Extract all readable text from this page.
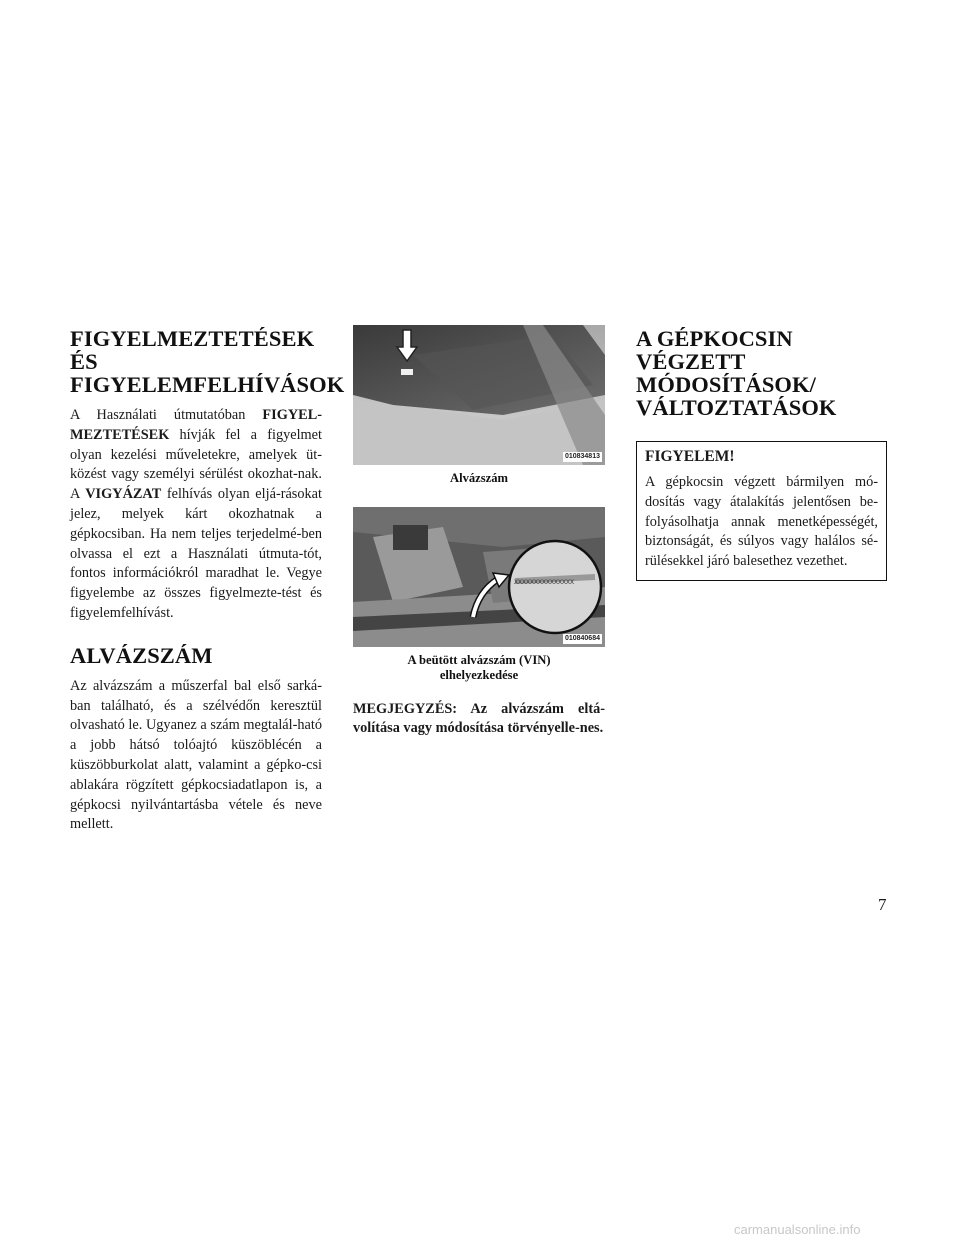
FIGYELMEZTETÉSEK
ÉS
FIGYELEMFELHÍVÁSOK

A Használati útmutatóban FIGYEL-MEZTETÉSEK hívják fel a figyelmet olyan kezelési műveletekre, amelyek üt-közést vagy személyi sérülést okozhat-nak. A VIGYÁZAT felhívás olyan eljá-rásokat jelez, melyek kárt okozhatnak a gépkocsiban. Ha nem teljes terjedelmé-ben olvassa el ezt a Használati útmuta-tót, fontos információkról maradhat le. Vegye figyelembe az összes figyelmezte-tést és figyelemfelhívást.

ALVÁZSZÁM

Az alvázszám a műszerfal bal első sarká-ban található, és a szélvédőn keresztül olvasható le. Ugyanez a szám megtalál-ható a jobb hátsó tolóajtó küszöblécén a küszöbburkolat alatt, valamint a gépko-csi ablakára rögzített gépkocsiadatlapon is, a gépkocsi nyilvántartásba vétele és neve mellett.

010834813
Alvázszám
XXXXXXXXXXXXXXX
010840684
A beütött alvázszám (VIN)
elhelyezkedése
MEGJEGYZÉS: Az alvázszám eltá-volítása vagy módosítása törvényelle-nes.
A GÉPKOCSIN
VÉGZETT
MÓDOSÍTÁSOK/
VÁLTOZTATÁSOK
FIGYELEM!
A gépkocsin végzett bármilyen mó-dosítás vagy átalakítás jelentősen be-folyásolhatja annak menetképességét, biztonságát, és súlyos vagy halálos sé-rülésekkel járó balesethez vezethet.
7
carmanualsonline.info
